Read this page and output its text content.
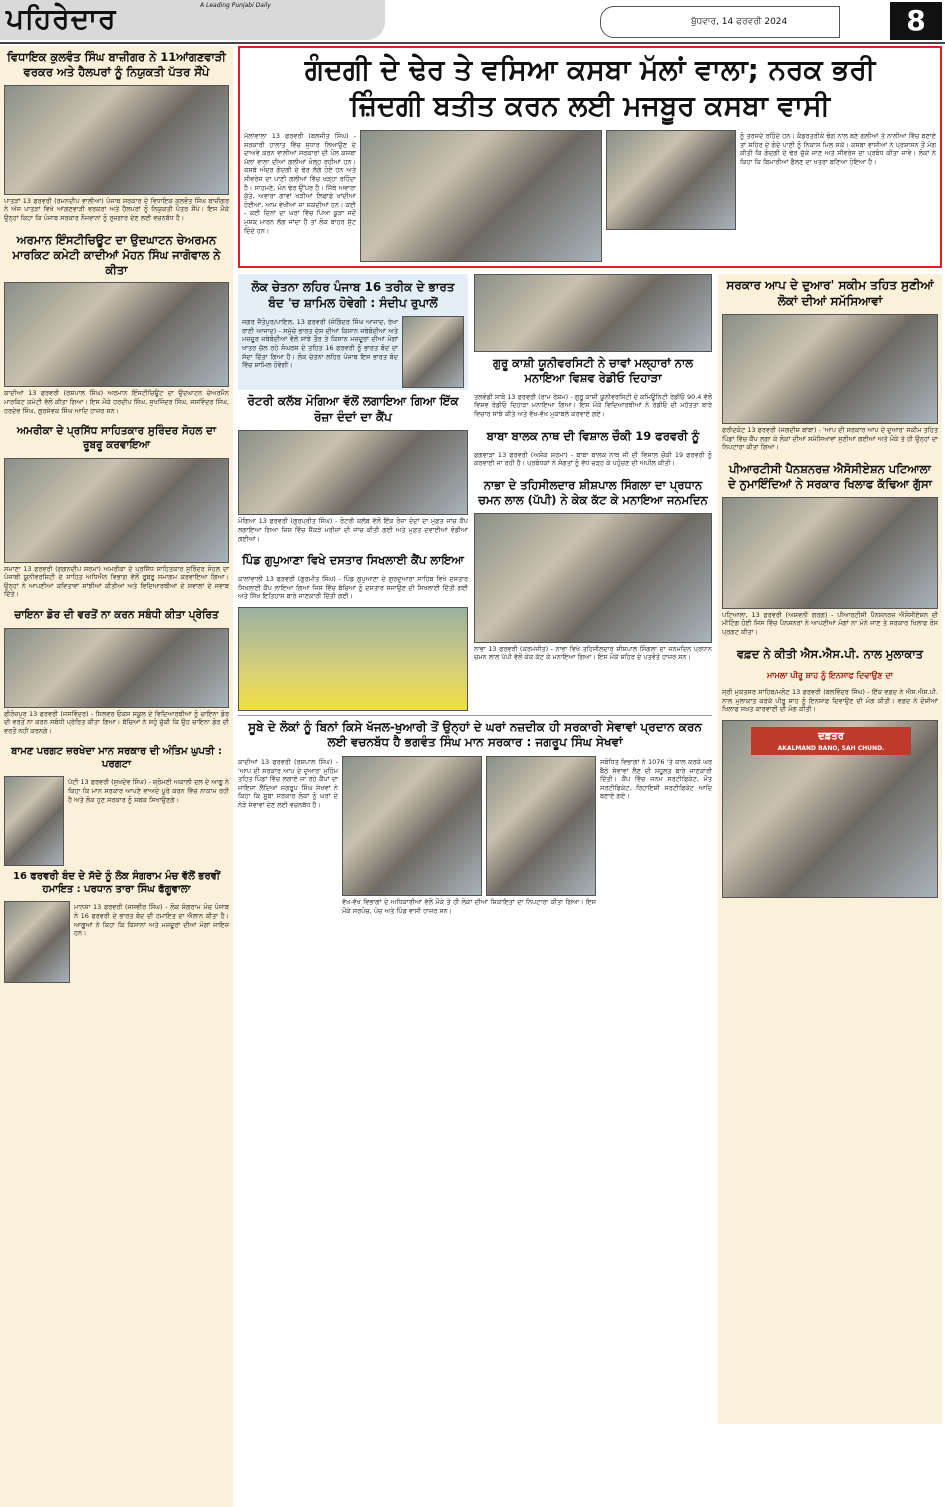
ਪਹਿਰੇਦਾਰ	A Leading Punjabi Daily
ਬੁੱਧਵਾਰ, 14 ਫਰਵਰੀ 2024	8
ਵਿਧਾਇਕ ਕੁਲਵੰਤ ਸਿੰਘ ਬਾਜ਼ੀਗਰ ਨੇ 11ਆਂਗਣਵਾੜੀ ਵਰਕਰ ਅਤੇ ਹੈਲਪਰਾਂ ਨੂੰ ਨਿਯੁਕਤੀ ਪੱਤਰ ਸੌਂਪੇ
ਪਾਤੜਾਂ 13 ਫਰਵਰੀ (ਰਮਨਦੀਪ ਵਾਲੀਆ) ਪੰਜਾਬ ਸਰਕਾਰ ਦੇ ਵਿਧਾਇਕ ਕੁਲਵੰਤ ਸਿੰਘ ਬਾਜ਼ੀਗਰ ਨੇ ਅੱਜ ਪਾਤੜਾਂ ਵਿਖੇ ਆਂਗਣਵਾੜੀ ਵਰਕਰਾਂ ਅਤੇ ਹੈਲਪਰਾਂ ਨੂੰ ਨਿਯੁਕਤੀ ਪੱਤਰ ਸੌਂਪੇ। ਇਸ ਮੌਕੇ ਉਨ੍ਹਾਂ ਕਿਹਾ ਕਿ ਪੰਜਾਬ ਸਰਕਾਰ ਨੌਜਵਾਨਾਂ ਨੂੰ ਰੁਜ਼ਗਾਰ ਦੇਣ ਲਈ ਵਚਨਬੱਧ ਹੈ।
ਅਰਮਾਨ ਇੰਸਟੀਚਿਊਟ ਦਾ ਉਦਘਾਟਨ ਚੇਅਰਮਨ ਮਾਰਕਿਟ ਕਮੇਟੀ ਕਾਦੀਆਂ ਮੋਹਨ ਸਿੰਘ ਜਾਗੋਵਾਲ ਨੇ ਕੀਤਾ
ਕਾਦੀਆਂ 13 ਫਰਵਰੀ (ਰਸ਼ਪਾਲ ਸਿੰਘ) ਅਰਮਾਨ ਇੰਸਟੀਚਿਊਟ ਦਾ ਉਦਘਾਟਨ ਚੇਅਰਮੈਨ ਮਾਰਕਿਟ ਕਮੇਟੀ ਵੱਲੋਂ ਕੀਤਾ ਗਿਆ। ਇਸ ਮੌਕੇ ਹਰਦੀਪ ਸਿੰਘ, ਸੁਖਜਿੰਦਰ ਸਿੰਘ, ਜਸਵਿੰਦਰ ਸਿੰਘ, ਹਰਦੇਵ ਸਿੰਘ, ਗੁਰਸੇਵਕ ਸਿੰਘ ਆਦਿ ਹਾਜ਼ਰ ਸਨ।
ਅਮਰੀਕਾ ਦੇ ਪ੍ਰਸਿੱਧ ਸਾਹਿਤਕਾਰ ਸੁਰਿੰਦਰ ਸੋਹਲ ਦਾ ਰੂਬਰੂ ਕਰਵਾਇਆ
ਸਮਾਣਾ 13 ਫਰਵਰੀ (ਗਗਨਦੀਪ ਸ਼ਰਮਾ) ਅਮਰੀਕਾ ਦੇ ਪ੍ਰਸਿੱਧ ਸਾਹਿਤਕਾਰ ਸੁਰਿੰਦਰ ਸੋਹਲ ਦਾ ਪੰਜਾਬੀ ਯੂਨੀਵਰਸਿਟੀ ਦੇ ਸਾਹਿਤ ਅਧਿਐਨ ਵਿਭਾਗ ਵੱਲੋਂ ਰੂਬਰੂ ਸਮਾਗਮ ਕਰਵਾਇਆ ਗਿਆ। ਉਨ੍ਹਾਂ ਨੇ ਆਪਣੀਆਂ ਕਵਿਤਾਵਾਂ ਸਾਂਝੀਆਂ ਕੀਤੀਆਂ ਅਤੇ ਵਿਦਿਆਰਥੀਆਂ ਦੇ ਸਵਾਲਾਂ ਦੇ ਜਵਾਬ ਦਿੱਤੇ।
ਚਾਇਨਾ ਡੋਰ ਦੀ ਵਰਤੋਂ ਨਾ ਕਰਨ ਸਬੰਧੀ ਕੀਤਾ ਪ੍ਰੇਰਿਤ
ਫੀਰੋਜ਼ਪੁਰ 13 ਫਰਵਰੀ (ਜਸਵਿੰਦਰ) - ਸਿਲਵਰ ਓਕਸ ਸਕੂਲ ਦੇ ਵਿਦਿਆਰਥੀਆਂ ਨੂੰ ਚਾਇਨਾ ਡੋਰ ਦੀ ਵਰਤੋਂ ਨਾ ਕਰਨ ਸਬੰਧੀ ਪ੍ਰੇਰਿਤ ਕੀਤਾ ਗਿਆ। ਬੱਚਿਆਂ ਨੇ ਸਹੁੰ ਚੁੱਕੀ ਕਿ ਉਹ ਚਾਇਨਾ ਡੋਰ ਦੀ ਵਰਤੋਂ ਨਹੀਂ ਕਰਨਗੇ।
ਬਾਮਣ ਪਰਗਟ ਜ਼ਰਖੇਦਾ ਮਾਨ ਸਰਕਾਰ ਦੀ ਅੰਤਿਮ ਘੁਪਤੀ : ਪਰਗਟਾ
ਪੱਟੀ 13 ਫਰਵਰੀ (ਸੁਖਦੇਵ ਸਿੰਘ) - ਸ਼੍ਰੋਮਣੀ ਅਕਾਲੀ ਦਲ ਦੇ ਆਗੂ ਨੇ ਕਿਹਾ ਕਿ ਮਾਨ ਸਰਕਾਰ ਆਪਣੇ ਵਾਅਦੇ ਪੂਰੇ ਕਰਨ ਵਿੱਚ ਨਾਕਾਮ ਰਹੀ ਹੈ ਅਤੇ ਲੋਕ ਹੁਣ ਸਰਕਾਰ ਨੂੰ ਸਬਕ ਸਿਖਾਉਣਗੇ।
16 ਫਰਵਰੀ ਬੰਦ ਦੇ ਸੱਦੇ ਨੂੰ ਲੋਕ ਸੰਗਰਾਮ ਮੰਚ ਵੱਲੋਂ ਭਰਵੀਂ ਹਮਾਇਤ : ਪਰਧਾਨ ਤਾਰਾ ਸਿੰਘ ਫੱਗੂਵਾਲਾ
ਮਾਨਸਾ 13 ਫਰਵਰੀ (ਜਸਵੀਰ ਸਿੰਘ) - ਲੋਕ ਸੰਗਰਾਮ ਮੰਚ ਪੰਜਾਬ ਨੇ 16 ਫਰਵਰੀ ਦੇ ਭਾਰਤ ਬੰਦ ਦੀ ਹਮਾਇਤ ਦਾ ਐਲਾਨ ਕੀਤਾ ਹੈ। ਆਗੂਆਂ ਨੇ ਕਿਹਾ ਕਿ ਕਿਸਾਨਾਂ ਅਤੇ ਮਜ਼ਦੂਰਾਂ ਦੀਆਂ ਮੰਗਾਂ ਜਾਇਜ਼ ਹਨ।
ਗੰਦਗੀ ਦੇ ਢੇਰ ਤੇ ਵਸਿਆ ਕਸਬਾ ਮੱਲਾਂ ਵਾਲਾ; ਨਰਕ ਭਰੀ
ਜ਼ਿੰਦਗੀ ਬਤੀਤ ਕਰਨ ਲਈ ਮਜਬੂਰ ਕਸਬਾ ਵਾਸੀ
ਮੱਲਾਂਵਾਲਾ 13 ਫਰਵਰੀ (ਬਲਜੀਤ ਸਿੰਘ) - ਸਰਕਾਰੀ ਹਾਲਾਤ ਵਿੱਚ ਸੁਧਾਰ ਲਿਆਉਣ ਦੇ ਦਾਅਵੇ ਕਰਨ ਵਾਲੀਆਂ ਸਰਕਾਰਾਂ ਦੀ ਪੋਲ ਕਸਬਾ ਮੱਲਾਂ ਵਾਲਾ ਦੀਆਂ ਗਲੀਆਂ ਖੋਲ੍ਹ ਰਹੀਆਂ ਹਨ। ਕਸਬੇ ਅੰਦਰ ਗੰਦਗੀ ਦੇ ਢੇਰ ਲੱਗੇ ਹੋਏ ਹਨ ਅਤੇ ਸੀਵਰੇਜ ਦਾ ਪਾਣੀ ਗਲੀਆਂ ਵਿੱਚ ਖੜ੍ਹਾ ਰਹਿੰਦਾ ਹੈ। ਸਾਹਮਣੇ, ਮੰਨ ਢੇਰ ਉੱਪਰ ਹੈ। ਜਿੱਥੇ ਅਵਾਰਾ ਕੁੱਤੇ, ਅਵਾਰਾ ਗਾਵਾਂ ਖੜੀਆਂ ਲਿਫਾਫੇ ਖਾਂਦੀਆਂ ਹੋਈਆਂ, ਆਮ ਵੇਖੀਆਂ ਜਾ ਸਕਦੀਆਂ ਹਨ। ਕਈ - ਕਈ ਦਿਨਾਂ ਦਾ ਘਰਾਂ ਵਿੱਚ ਪਿਆ ਕੂੜਾ ਜਦੋਂ ਮੁਸ਼ਕ ਮਾਰਨ ਲੱਗ ਜਾਂਦਾ ਹੈ ਤਾਂ ਲੋਕ ਬਾਹਰ ਸੁੱਟ ਦਿੰਦੇ ਹਨ।
ਨੂੰ ਤਰਸਦੇ ਰਹਿੰਦੇ ਹਨ। ਕੰਡਰਤਰੀਕੇ ਢੰਗ ਨਾਲ ਬਣੇ ਗਲੀਆਂ ਤੇ ਨਾਲੀਆਂ ਵਿੱਚ ਬਣਾਏ ਤਾਂ ਸ਼ਹਿਰ ਦੇ ਗੰਦੇ ਪਾਣੀ ਨੂੰ ਨਿਕਾਸ ਮਿਲ ਸਕੇ। ਕਸਬਾ ਵਾਸੀਆਂ ਨੇ ਪ੍ਰਸ਼ਾਸਨ ਤੋਂ ਮੰਗ ਕੀਤੀ ਕਿ ਗੰਦਗੀ ਦੇ ਢੇਰ ਚੁੱਕੇ ਜਾਣ ਅਤੇ ਸੀਵਰੇਜ ਦਾ ਪ੍ਰਬੰਧ ਕੀਤਾ ਜਾਵੇ। ਲੋਕਾਂ ਨੇ ਕਿਹਾ ਕਿ ਬਿਮਾਰੀਆਂ ਫੈਲਣ ਦਾ ਖਤਰਾ ਬਣਿਆ ਹੋਇਆ ਹੈ।
ਲੋਕ ਚੇਤਨਾ ਲਹਿਰ ਪੰਜਾਬ 16 ਤਰੀਕ ਦੇ ਭਾਰਤ ਬੰਦ 'ਚ ਸ਼ਾਮਿਲ ਹੋਵੇਗੀ : ਸੰਦੀਪ ਰੁਪਾਲੋਂ
ਜਗਰ ਜੈਤੋਪੁਰ/ਪਾਇਲ, 13 ਫਰਵਰੀ (ਜੋਗਿੰਦਰ ਸਿੰਘ ਆਜਾਦ, ਰੇਖਾ ਰਾਣੀ ਆਜਾਦ) - ਸਮੁੱਚੇ ਭਾਰਤ ਦੇਸ਼ ਦੀਆਂ ਕਿਸਾਨ ਜਥੇਬੰਦੀਆਂ ਅਤੇ ਮਜ਼ਦੂਰ ਜਥੇਬੰਦੀਆਂ ਵੱਲੋਂ ਸਾਂਝੇ ਤੌਰ ਤੇ ਕਿਸਾਨ ਮਜ਼ਦੂਰਾਂ ਦੀਆਂ ਮੰਗਾਂ ਖਾਤਰ ਚੱਲ ਰਹੇ ਸੰਘਰਸ਼ ਦੇ ਤਹਿਤ 16 ਫਰਵਰੀ ਨੂੰ ਭਾਰਤ ਬੰਦ ਦਾ ਸੱਦਾ ਦਿੱਤਾ ਗਿਆ ਹੈ। ਲੋਕ ਚੇਤਨਾ ਲਹਿਰ ਪੰਜਾਬ ਇਸ ਭਾਰਤ ਬੰਦ ਵਿੱਚ ਸ਼ਾਮਿਲ ਹੋਵੇਗੀ।
ਰੋਟਰੀ ਕਲੱਬ ਮੋਗਿਆ ਵੱਲੋਂ ਲਗਾਇਆ ਗਿਆ ਇੱਕ ਰੋਜ਼ਾ ਦੰਦਾਂ ਦਾ ਕੈਂਪ
ਮੋਗਿਆ 13 ਫਰਵਰੀ (ਗੁਰਪ੍ਰੀਤ ਸਿੰਘ) - ਰੋਟਰੀ ਕਲੱਬ ਵੱਲੋਂ ਇੱਕ ਰੋਜ਼ਾ ਦੰਦਾਂ ਦਾ ਮੁਫ਼ਤ ਜਾਂਚ ਕੈਂਪ ਲਗਾਇਆ ਗਿਆ ਜਿਸ ਵਿੱਚ ਸੈਂਕੜੇ ਮਰੀਜ਼ਾਂ ਦੀ ਜਾਂਚ ਕੀਤੀ ਗਈ ਅਤੇ ਮੁਫ਼ਤ ਦਵਾਈਆਂ ਵੰਡੀਆਂ ਗਈਆਂ।
ਪਿੰਡ ਗੁਪੁਆਣਾ ਵਿਖੇ ਦਸਤਾਰ ਸਿਖਲਾਈ ਕੈਂਪ ਲਾਇਆ
ਕਾਲਾਂਵਾਲੀ 13 ਫਰਵਰੀ (ਗੁਰਮੀਤ ਸਿੰਘ) - ਪਿੰਡ ਗੁਪੁਆਣਾ ਦੇ ਗੁਰਦੁਆਰਾ ਸਾਹਿਬ ਵਿਖੇ ਦਸਤਾਰ ਸਿਖਲਾਈ ਕੈਂਪ ਲਾਇਆ ਗਿਆ ਜਿਸ ਵਿੱਚ ਬੱਚਿਆਂ ਨੂੰ ਦਸਤਾਰ ਸਜਾਉਣ ਦੀ ਸਿਖਲਾਈ ਦਿੱਤੀ ਗਈ ਅਤੇ ਸਿੱਖ ਇਤਿਹਾਸ ਬਾਰੇ ਜਾਣਕਾਰੀ ਦਿੱਤੀ ਗਈ।
ਗੁਰੂ ਕਾਸ਼ੀ ਯੂਨੀਵਰਸਿਟੀ ਨੇ ਚਾਵਾਂ ਮਲ੍ਹਾਰਾਂ ਨਾਲ ਮਨਾਇਆ ਵਿਸ਼ਵ ਰੇਡੀਓ ਦਿਹਾੜਾ
ਤਲਵੰਡੀ ਸਾਬੋ 13 ਫਰਵਰੀ (ਰਾਮ ਰੇਸ਼ਮ) - ਗੁਰੂ ਕਾਸ਼ੀ ਯੂਨੀਵਰਸਿਟੀ ਦੇ ਕਮਿਊਨਿਟੀ ਰੇਡੀਓ 90.4 ਵੱਲੋਂ ਵਿਸ਼ਵ ਰੇਡੀਓ ਦਿਹਾੜਾ ਮਨਾਇਆ ਗਿਆ। ਇਸ ਮੌਕੇ ਵਿਦਿਆਰਥੀਆਂ ਨੇ ਰੇਡੀਓ ਦੀ ਮਹੱਤਤਾ ਬਾਰੇ ਵਿਚਾਰ ਸਾਂਝੇ ਕੀਤੇ ਅਤੇ ਵੱਖ-ਵੱਖ ਮੁਕਾਬਲੇ ਕਰਵਾਏ ਗਏ।
ਬਾਬਾ ਬਾਲਕ ਨਾਥ ਦੀ ਵਿਸ਼ਾਲ ਚੌਕੀ 19 ਫਰਵਰੀ ਨੂੰ
ਫਗਵਾੜਾ 13 ਫਰਵਰੀ (ਅਸ਼ੋਕ ਸ਼ਰਮਾ) - ਬਾਬਾ ਬਾਲਕ ਨਾਥ ਜੀ ਦੀ ਵਿਸ਼ਾਲ ਚੌਕੀ 19 ਫਰਵਰੀ ਨੂੰ ਕਰਵਾਈ ਜਾ ਰਹੀ ਹੈ। ਪ੍ਰਬੰਧਕਾਂ ਨੇ ਸੰਗਤਾਂ ਨੂੰ ਵੱਧ ਚੜ੍ਹ ਕੇ ਪਹੁੰਚਣ ਦੀ ਅਪੀਲ ਕੀਤੀ।
ਨਾਭਾ ਦੇ ਤਹਿਸੀਲਦਾਰ ਸ਼ੀਸ਼ਪਾਲ ਸਿੰਗਲਾ ਦਾ ਪ੍ਰਧਾਨ ਚਮਨ ਲਾਲ (ਪੱਪੀ) ਨੇ ਕੇਕ ਕੱਟ ਕੇ ਮਨਾਇਆ ਜਨਮਦਿਨ
ਨਾਭਾ 13 ਫਰਵਰੀ (ਕਰਮਜੀਤ) - ਨਾਭਾ ਵਿਖੇ ਤਹਿਸੀਲਦਾਰ ਸ਼ੀਸ਼ਪਾਲ ਸਿੰਗਲਾ ਦਾ ਜਨਮਦਿਨ ਪ੍ਰਧਾਨ ਚਮਨ ਲਾਲ ਪੱਪੀ ਵੱਲੋਂ ਕੇਕ ਕੱਟ ਕੇ ਮਨਾਇਆ ਗਿਆ। ਇਸ ਮੌਕੇ ਸ਼ਹਿਰ ਦੇ ਪਤਵੰਤੇ ਹਾਜ਼ਰ ਸਨ।
ਸੂਬੇ ਦੇ ਲੋਕਾਂ ਨੂੰ ਬਿਨਾਂ ਕਿਸੇ ਖੱਜਲ-ਖੁਆਰੀ ਤੋਂ ਉਨ੍ਹਾਂ ਦੇ ਘਰਾਂ ਨਜ਼ਦੀਕ ਹੀ ਸਰਕਾਰੀ ਸੇਵਾਵਾਂ ਪ੍ਰਦਾਨ ਕਰਨ ਲਈ ਵਚਨਬੱਧ ਹੈ ਭਗਵੰਤ ਸਿੰਘ ਮਾਨ ਸਰਕਾਰ : ਜਗਰੂਪ ਸਿੰਘ ਸੇਖਵਾਂ
ਕਾਦੀਆਂ 13 ਫਰਵਰੀ (ਰਸ਼ਪਾਲ ਸਿੰਘ) - 'ਆਪ ਦੀ ਸਰਕਾਰ ਆਪ ਦੇ ਦੁਆਰ' ਮੁਹਿੰਮ ਤਹਿਤ ਪਿੰਡਾਂ ਵਿੱਚ ਲਗਾਏ ਜਾ ਰਹੇ ਕੈਂਪਾਂ ਦਾ ਜਾਇਜ਼ਾ ਲੈਂਦਿਆਂ ਜਗਰੂਪ ਸਿੰਘ ਸੇਖਵਾਂ ਨੇ ਕਿਹਾ ਕਿ ਸੂਬਾ ਸਰਕਾਰ ਲੋਕਾਂ ਨੂੰ ਘਰਾਂ ਦੇ ਨੇੜੇ ਸੇਵਾਵਾਂ ਦੇਣ ਲਈ ਵਚਨਬੱਧ ਹੈ।
ਵੱਖ-ਵੱਖ ਵਿਭਾਗਾਂ ਦੇ ਅਧਿਕਾਰੀਆਂ ਵੱਲੋਂ ਮੌਕੇ ਤੇ ਹੀ ਲੋਕਾਂ ਦੀਆਂ ਸ਼ਿਕਾਇਤਾਂ ਦਾ ਨਿਪਟਾਰਾ ਕੀਤਾ ਗਿਆ। ਇਸ ਮੌਕੇ ਸਰਪੰਚ, ਪੰਚ ਅਤੇ ਪਿੰਡ ਵਾਸੀ ਹਾਜ਼ਰ ਸਨ।
ਸਬੰਧਿਤ ਵਿਭਾਗਾਂ ਨੇ 1076 'ਤੇ ਕਾਲ ਕਰਕੇ ਘਰ ਬੈਠੇ ਸੇਵਾਵਾਂ ਲੈਣ ਦੀ ਸਹੂਲਤ ਬਾਰੇ ਜਾਣਕਾਰੀ ਦਿੱਤੀ। ਕੈਂਪ ਵਿੱਚ ਜਨਮ ਸਰਟੀਫਿਕੇਟ, ਮੌਤ ਸਰਟੀਫਿਕੇਟ, ਰਿਹਾਇਸ਼ੀ ਸਰਟੀਫਿਕੇਟ ਆਦਿ ਬਣਾਏ ਗਏ।
ਸਰਕਾਰ ਆਪ ਦੇ ਦੁਆਰ' ਸਕੀਮ ਤਹਿਤ ਸੁਣੀਆਂ ਲੋਕਾਂ ਦੀਆਂ ਸਮੱਸਿਆਵਾਂ
ਫਰੀਦਕੋਟ 13 ਫਰਵਰੀ (ਜਗਦੀਸ਼ ਬਾਂਬਾ) - 'ਆਪ ਦੀ ਸਰਕਾਰ ਆਪ ਦੇ ਦੁਆਰ' ਸਕੀਮ ਤਹਿਤ ਪਿੰਡਾਂ ਵਿੱਚ ਕੈਂਪ ਲਗਾ ਕੇ ਲੋਕਾਂ ਦੀਆਂ ਸਮੱਸਿਆਵਾਂ ਸੁਣੀਆਂ ਗਈਆਂ ਅਤੇ ਮੌਕੇ ਤੇ ਹੀ ਉਨ੍ਹਾਂ ਦਾ ਨਿਪਟਾਰਾ ਕੀਤਾ ਗਿਆ।
ਪੀਆਰਟੀਸੀ ਪੈਨਸ਼ਨਰਜ਼ ਐਸੋਸੀਏਸ਼ਨ ਪਟਿਆਲਾ ਦੇ ਨੁਮਾਇੰਦਿਆਂ ਨੇ ਸਰਕਾਰ ਖਿਲਾਫ ਕੱਢਿਆ ਗੁੱਸਾ
ਪਟਿਆਲਾ, 13 ਫਰਵਰੀ (ਅਸ਼ਵਨੀ ਗਰਗ) - ਪੀਆਰਟੀਸੀ ਪੈਨਸ਼ਨਰਜ਼ ਐਸੋਸੀਏਸ਼ਨ ਦੀ ਮੀਟਿੰਗ ਹੋਈ ਜਿਸ ਵਿੱਚ ਪੈਨਸ਼ਨਰਾਂ ਨੇ ਆਪਣੀਆਂ ਮੰਗਾਂ ਨਾ ਮੰਨੇ ਜਾਣ ਤੇ ਸਰਕਾਰ ਖਿਲਾਫ ਰੋਸ ਪ੍ਰਗਟ ਕੀਤਾ।
ਵਫ਼ਦ ਨੇ ਕੀਤੀ ਐਸ.ਐਸ.ਪੀ. ਨਾਲ ਮੁਲਾਕਾਤ
ਮਾਮਲਾ ਪੀਰੂ ਸ਼ਾਹ ਨੂੰ ਇਨਸਾਫ ਦਿਵਾਉਣ ਦਾ
ਸ੍ਰੀ ਮੁਕਤਸਰ ਸਾਹਿਬ/ਮਲੋਟ 13 ਫਰਵਰੀ (ਬਲਵਿੰਦਰ ਸਿੰਘ) - ਇੱਕ ਵਫ਼ਦ ਨੇ ਐਸ.ਐਸ.ਪੀ. ਨਾਲ ਮੁਲਾਕਾਤ ਕਰਕੇ ਪੀਰੂ ਸ਼ਾਹ ਨੂੰ ਇਨਸਾਫ ਦਿਵਾਉਣ ਦੀ ਮੰਗ ਕੀਤੀ। ਵਫ਼ਦ ਨੇ ਦੋਸ਼ੀਆਂ ਖਿਲਾਫ ਸਖ਼ਤ ਕਾਰਵਾਈ ਦੀ ਮੰਗ ਕੀਤੀ।
ਦਫ਼ਤਰ
AKALMAND BANO, SAH CHUND.
